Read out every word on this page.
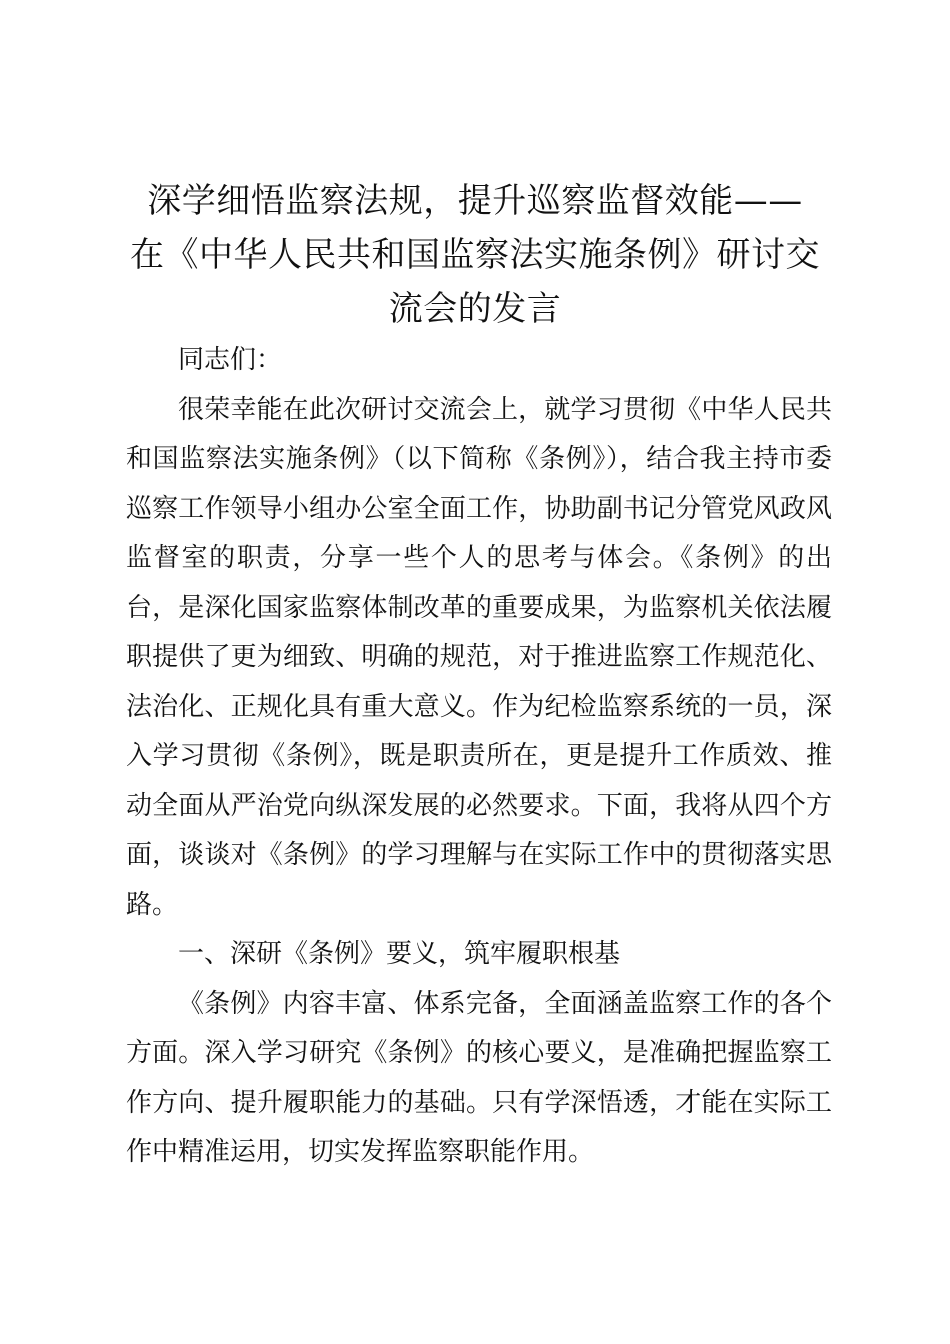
深学细悟监察法规，提升巡察监督效能——
在《中华人民共和国监察法实施条例》研讨交
流会的发言

同志们：

很荣幸能在此次研讨交流会上，就学习贯彻《中华人民共和国监察法实施条例》（以下简称《条例》），结合我主持市委巡察工作领导小组办公室全面工作，协助副书记分管党风政风监督室的职责，分享一些个人的思考与体会。《条例》的出台，是深化国家监察体制改革的重要成果，为监察机关依法履职提供了更为细致、明确的规范，对于推进监察工作规范化、法治化、正规化具有重大意义。作为纪检监察系统的一员，深入学习贯彻《条例》，既是职责所在，更是提升工作质效、推动全面从严治党向纵深发展的必然要求。下面，我将从四个方面，谈谈对《条例》的学习理解与在实际工作中的贯彻落实思路。

一、深研《条例》要义，筑牢履职根基

《条例》内容丰富、体系完备，全面涵盖监察工作的各个方面。深入学习研究《条例》的核心要义，是准确把握监察工作方向、提升履职能力的基础。只有学深悟透，才能在实际工作中精准运用，切实发挥监察职能作用。
